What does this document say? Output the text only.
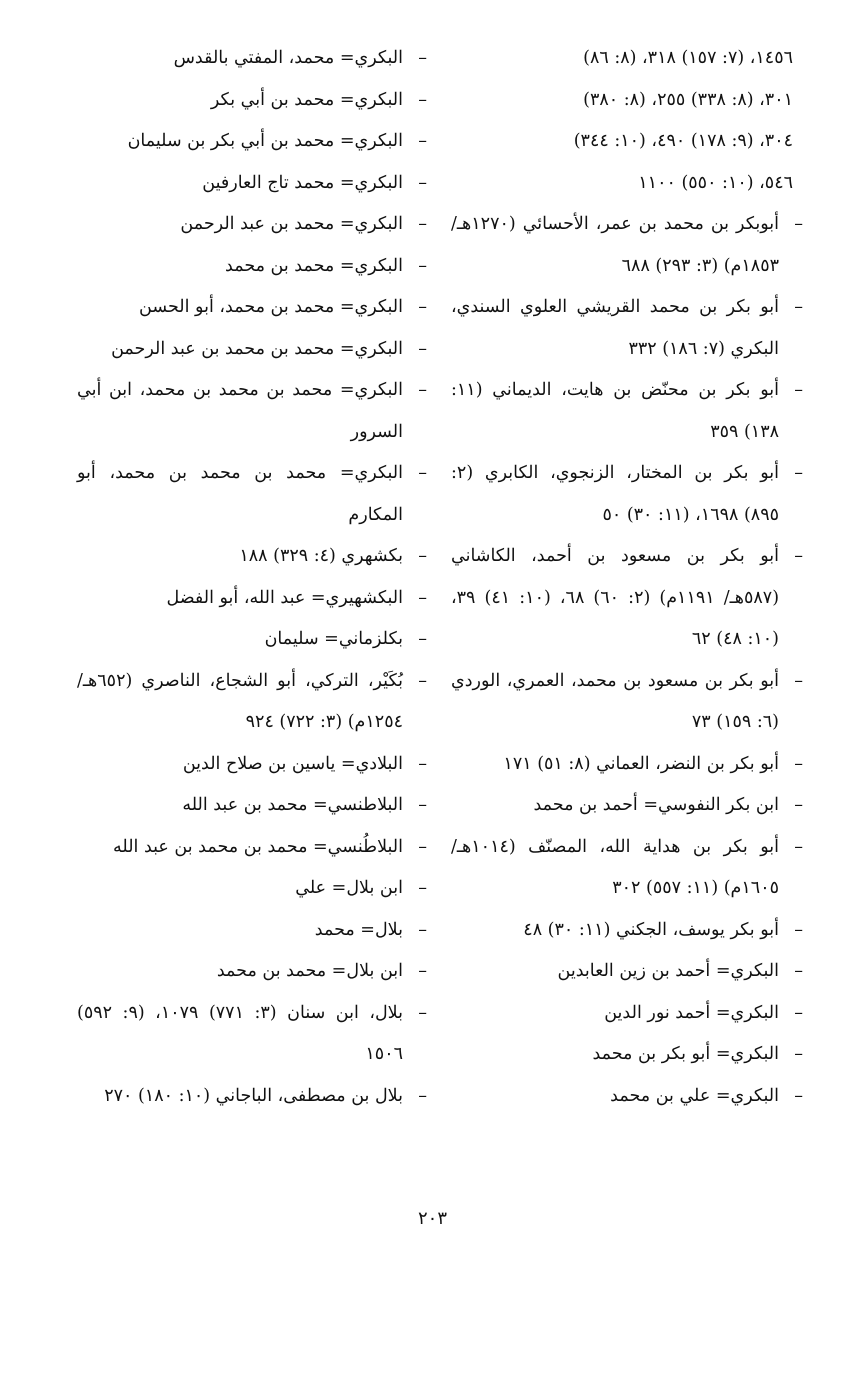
١٤٥٦، (٧: ١٥٧) ٣١٨، (٨: ٨٦)

٣٠١، (٨: ٣٣٨) ٢٥٥، (٨: ٣٨٠)

٣٠٤، (٩: ١٧٨) ٤٩٠، (١٠: ٣٤٤)

٥٤٦، (١٠: ٥٥٠) ١١٠٠

– أبوبكر بن محمد بن عمر، الأحسائي (١٢٧٠هـ/ ١٨٥٣م) (٣: ٢٩٣) ٦٨٨

– أبو بكر بن محمد القريشي العلوي السندي، البكري (٧: ١٨٦) ٣٣٢

– أبو بكر بن محنّض بن هايت، الديماني (١١: ١٣٨) ٣٥٩

– أبو بكر بن المختار، الزنجوي، الكابري (٢: ٨٩٥) ١٦٩٨، (١١: ٣٠) ٥٠

– أبو بكر بن مسعود بن أحمد، الكاشاني (٥٨٧هـ/ ١١٩١م) (٢: ٦٠) ٦٨، (١٠: ٤١) ٣٩، (١٠: ٤٨) ٦٢

– أبو بكر بن مسعود بن محمد، العمري، الوردي (٦: ١٥٩) ٧٣

– أبو بكر بن النضر، العماني (٨: ٥١) ١٧١

– ابن بكر النفوسي= أحمد بن محمد

– أبو بكر بن هداية الله، المصنّف (١٠١٤هـ/ ١٦٠٥م) (١١: ٥٥٧) ٣٠٢

– أبو بكر يوسف، الجكني (١١: ٣٠) ٤٨

– البكري= أحمد بن زين العابدين

– البكري= أحمد نور الدين

– البكري= أبو بكر بن محمد

– البكري= علي بن محمد

– البكري= محمد، المفتي بالقدس

– البكري= محمد بن أبي بكر

– البكري= محمد بن أبي بكر بن سليمان

– البكري= محمد تاج العارفين

– البكري= محمد بن عبد الرحمن

– البكري= محمد بن محمد

– البكري= محمد بن محمد، أبو الحسن

– البكري= محمد بن محمد بن عبد الرحمن

– البكري= محمد بن محمد بن محمد، ابن أبي السرور

– البكري= محمد بن محمد بن محمد، أبو المكارم

– بكشهري (٤: ٣٢٩) ١٨٨

– البكشهيري= عبد الله، أبو الفضل

– بكلزماني= سليمان

– بُكَيْر، التركي، أبو الشجاع، الناصري (٦٥٢هـ/ ١٢٥٤م) (٣: ٧٢٢) ٩٢٤

– البلادي= ياسين بن صلاح الدين

– البلاطنسي= محمد بن عبد الله

– البلاطُنسي= محمد بن محمد بن عبد الله

– ابن بلال= علي

– بلال= محمد

– ابن بلال= محمد بن محمد

– بلال، ابن سنان (٣: ٧٧١) ١٠٧٩، (٩: ٥٩٢) ١٥٠٦

– بلال بن مصطفى، الباجاني (١٠: ١٨٠) ٢٧٠

٢٠٣
